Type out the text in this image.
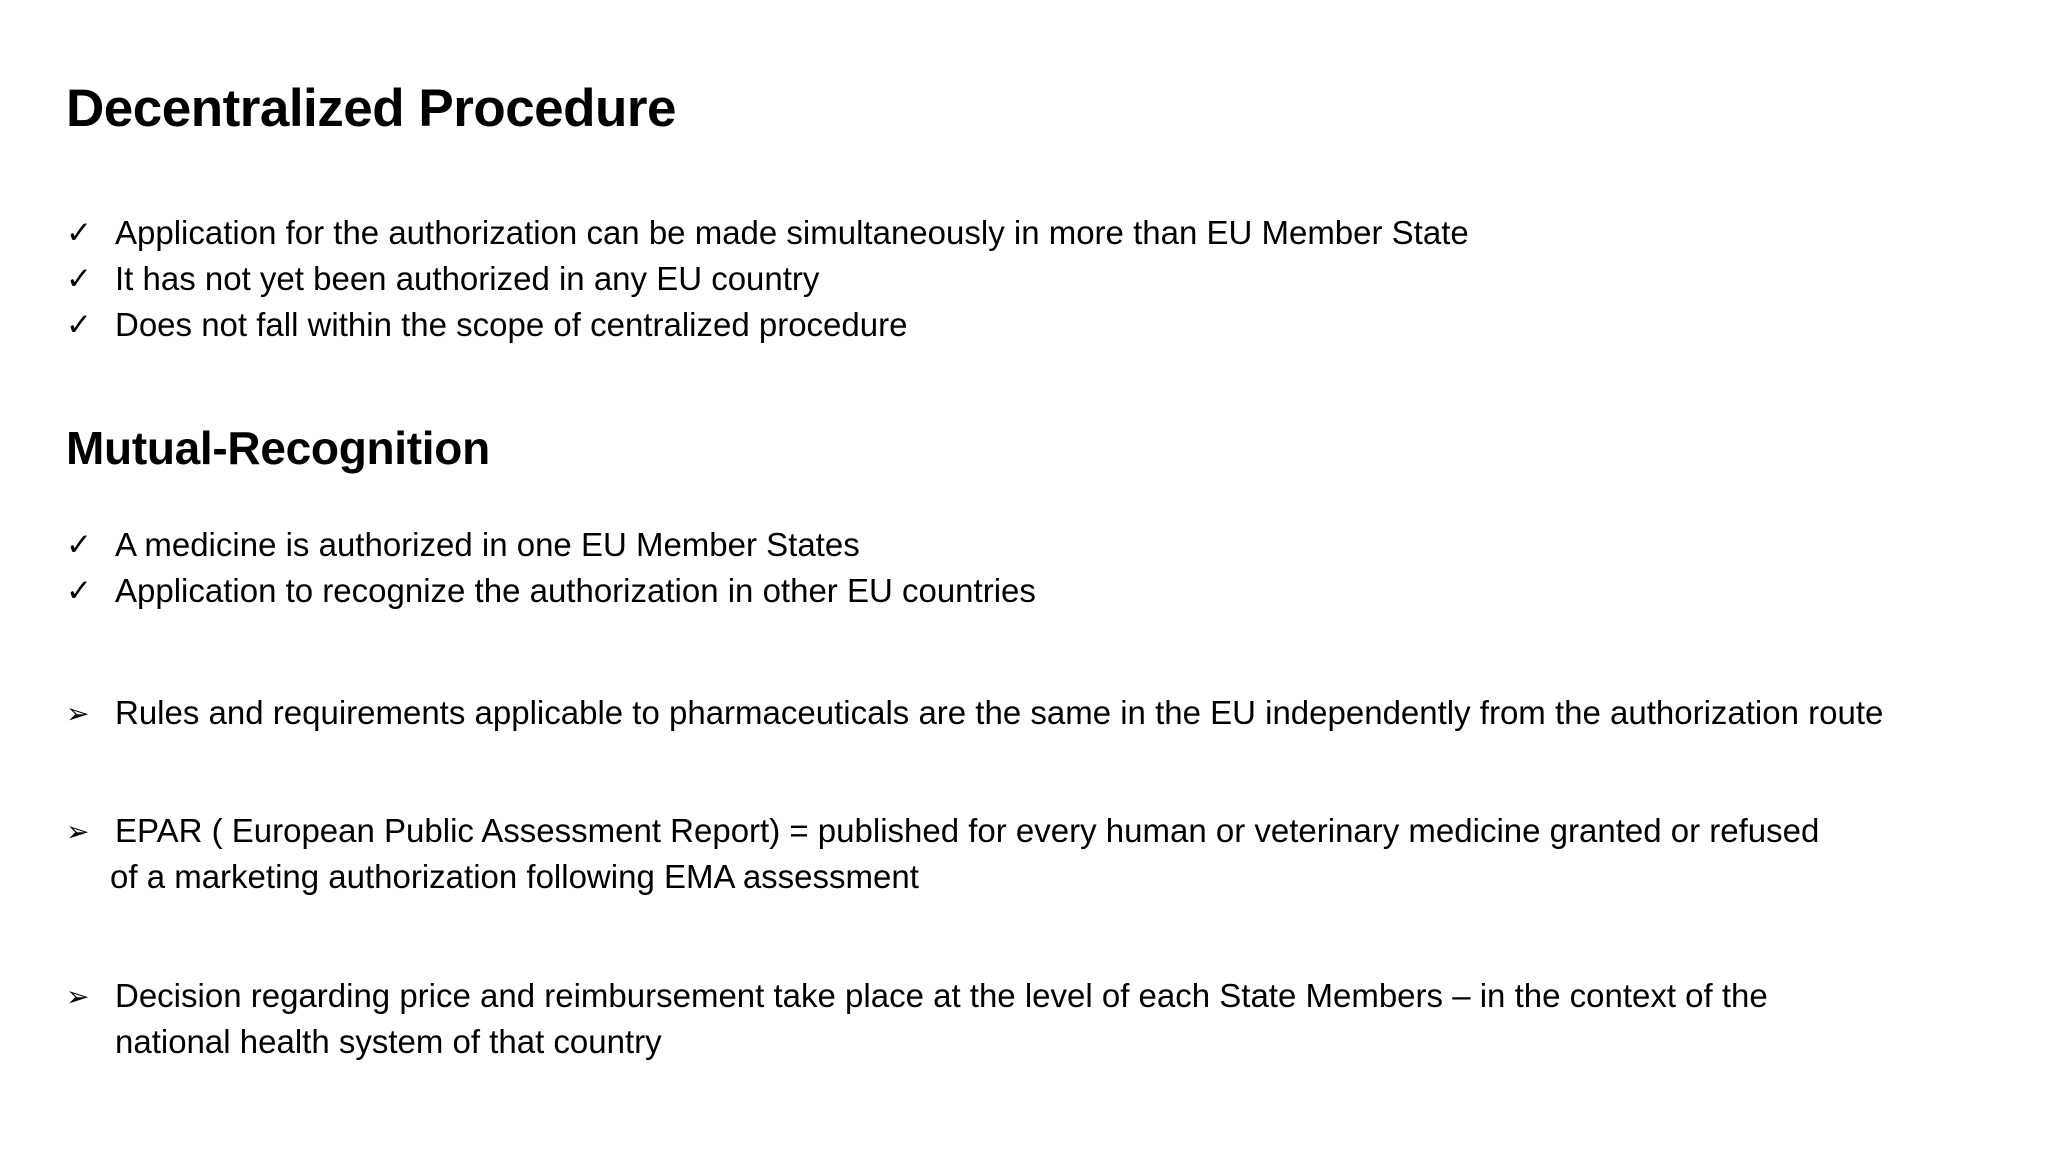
Decentralized Procedure
✓ Application for the authorization can be made simultaneously in more than EU Member State
✓ It has not yet been authorized in any EU country
✓ Does not fall within the scope of centralized procedure
Mutual-Recognition
✓ A medicine is authorized in one EU Member States
✓ Application to recognize the authorization in other EU countries
➢ Rules and requirements applicable to pharmaceuticals are the same in the EU independently from the authorization route
➢ EPAR ( European Public Assessment Report) = published for every human or veterinary medicine granted or refused
of a marketing authorization following EMA assessment
➢ Decision regarding price and reimbursement take place at the level of each State Members – in the context of the
national health system of that country
